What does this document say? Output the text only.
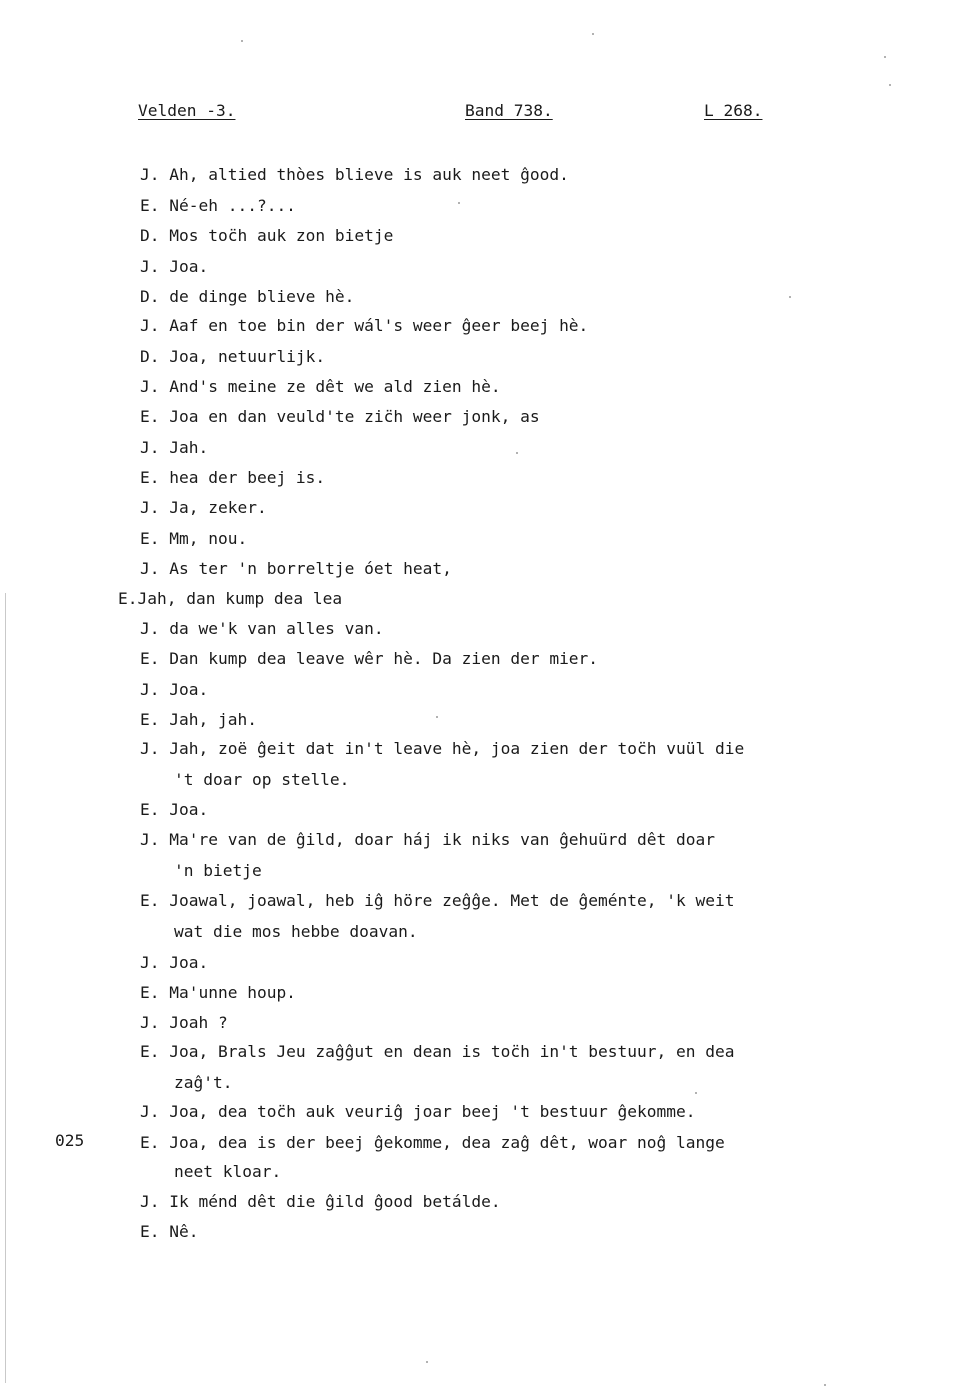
Velden -3.	Band 738.	L 268.
025
J. Ah, altied thòes blieve is auk neet ĝood.
E. Né-eh ...?...
D. Mos toc̈h auk zon bietje
J. Joa.
D. de dinge blieve hè.
J. Aaf en toe bin der wál's weer ĝeer beej hè.
D. Joa, netuurlijk.
J. And's meine ze dêt we ald zien hè.
E. Joa en dan veuld'te zic̈h weer jonk, as
J. Jah.
E. hea der beej is.
J. Ja, zeker.
E. Mm, nou.
J. As ter 'n borreltje óet heat,
E.Jah, dan kump dea lea
J. da we'k van alles van.
E. Dan kump dea leave wêr hè. Da zien der mier.
J. Joa.
E. Jah, jah.
J. Jah, zoë ĝeit dat in't leave hè, joa zien der toc̈h vuül die
't doar op stelle.
E. Joa.
J. Ma're van de ĝild, doar háj ik niks van ĝehuürd dêt doar
'n bietje
E. Joawal, joawal, heb iĝ höre zeĝĝe. Met de ĝeménte, 'k weit
wat die mos hebbe doavan.
J. Joa.
E. Ma'unne houp.
J. Joah ?
E. Joa, Brals Jeu zaĝĝut en dean is toc̈h in't bestuur, en dea
zaĝ't.
J. Joa, dea toc̈h auk veuriĝ joar beej 't bestuur ĝekomme.
E. Joa, dea is der beej ĝekomme, dea zaĝ dêt, woar noĝ lange
neet kloar.
J. Ik ménd dêt die ĝild ĝood betálde.
E. Nê.
